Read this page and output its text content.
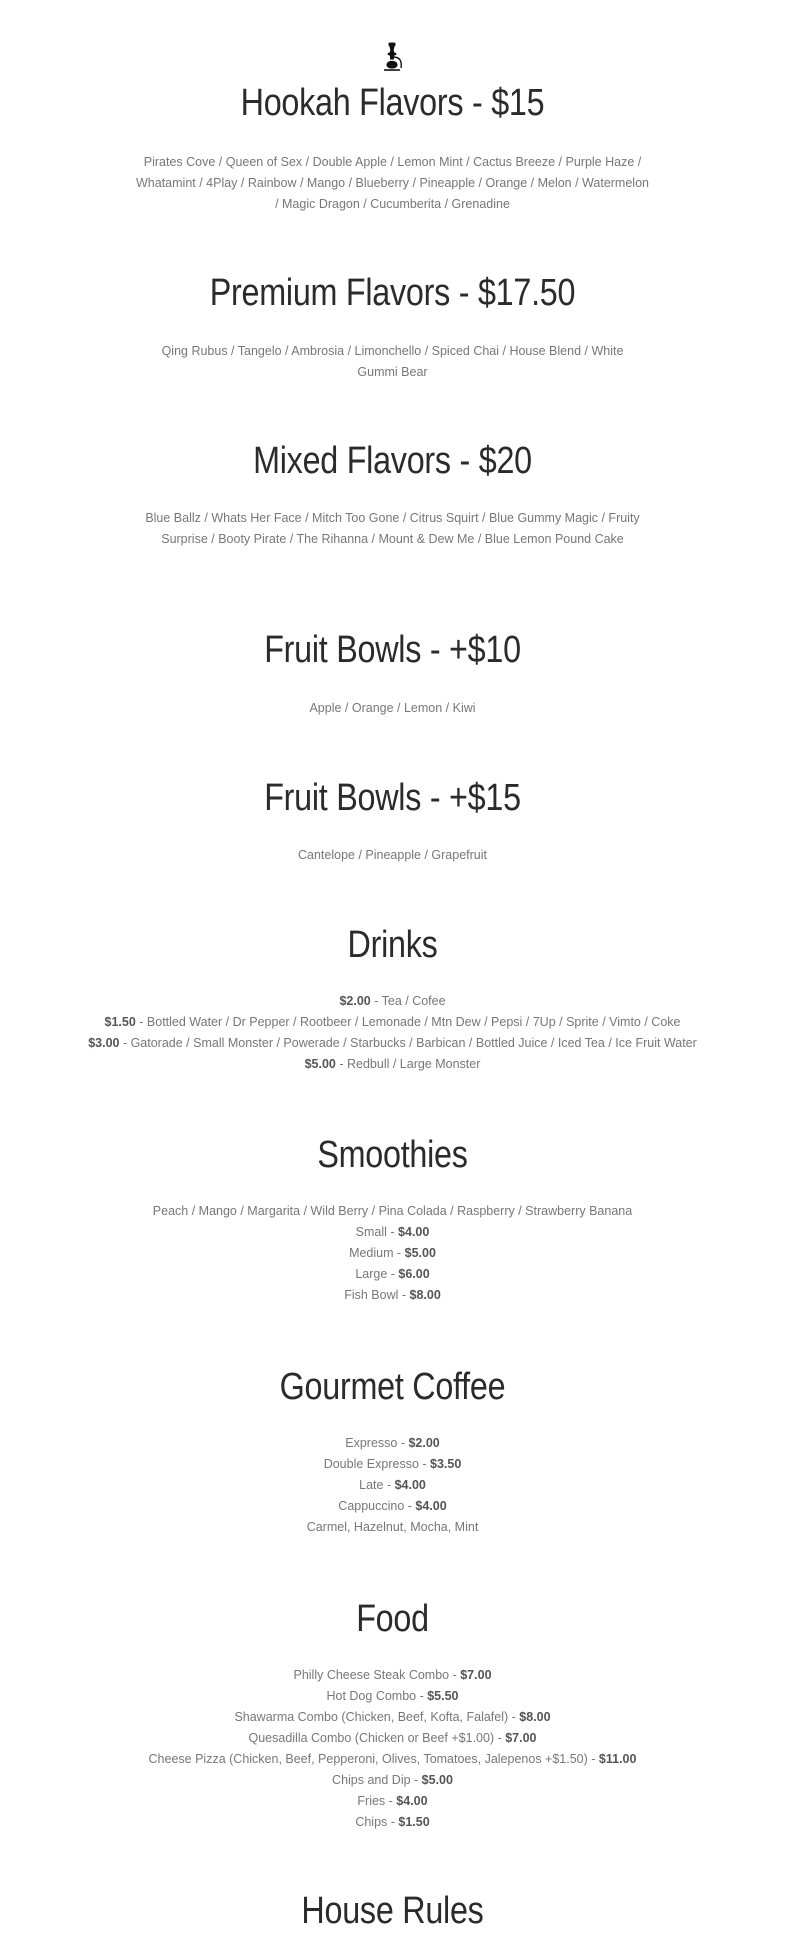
Hookah Flavors - $15
Pirates Cove / Queen of Sex / Double Apple / Lemon Mint / Cactus Breeze / Purple Haze / Whatamint / 4Play / Rainbow / Mango / Blueberry / Pineapple / Orange / Melon / Watermelon / Magic Dragon / Cucumberita / Grenadine
Premium Flavors - $17.50
Qing Rubus / Tangelo / Ambrosia / Limonchello / Spiced Chai / House Blend / White Gummi Bear
Mixed Flavors - $20
Blue Ballz / Whats Her Face / Mitch Too Gone / Citrus Squirt / Blue Gummy Magic / Fruity Surprise / Booty Pirate / The Rihanna / Mount & Dew Me / Blue Lemon Pound Cake
Fruit Bowls - +$10
Apple / Orange / Lemon / Kiwi
Fruit Bowls - +$15
Cantelope / Pineapple / Grapefruit
Drinks
$2.00 - Tea / Cofee
$1.50 - Bottled Water / Dr Pepper / Rootbeer / Lemonade / Mtn Dew / Pepsi / 7Up / Sprite / Vimto / Coke
$3.00 - Gatorade / Small Monster / Powerade / Starbucks / Barbican / Bottled Juice / Iced Tea / Ice Fruit Water
$5.00 - Redbull / Large Monster
Smoothies
Peach / Mango / Margarita / Wild Berry / Pina Colada / Raspberry / Strawberry Banana
Small - $4.00
Medium - $5.00
Large - $6.00
Fish Bowl - $8.00
Gourmet Coffee
Expresso - $2.00
Double Expresso - $3.50
Late - $4.00
Cappuccino - $4.00
Carmel, Hazelnut, Mocha, Mint
Food
Philly Cheese Steak Combo - $7.00
Hot Dog Combo - $5.50
Shawarma Combo (Chicken, Beef, Kofta, Falafel) - $8.00
Quesadilla Combo (Chicken or Beef +$1.00) - $7.00
Cheese Pizza (Chicken, Beef, Pepperoni, Olives, Tomatoes, Jalepenos +$1.50) - $11.00
Chips and Dip - $5.00
Fries - $4.00
Chips - $1.50
House Rules
